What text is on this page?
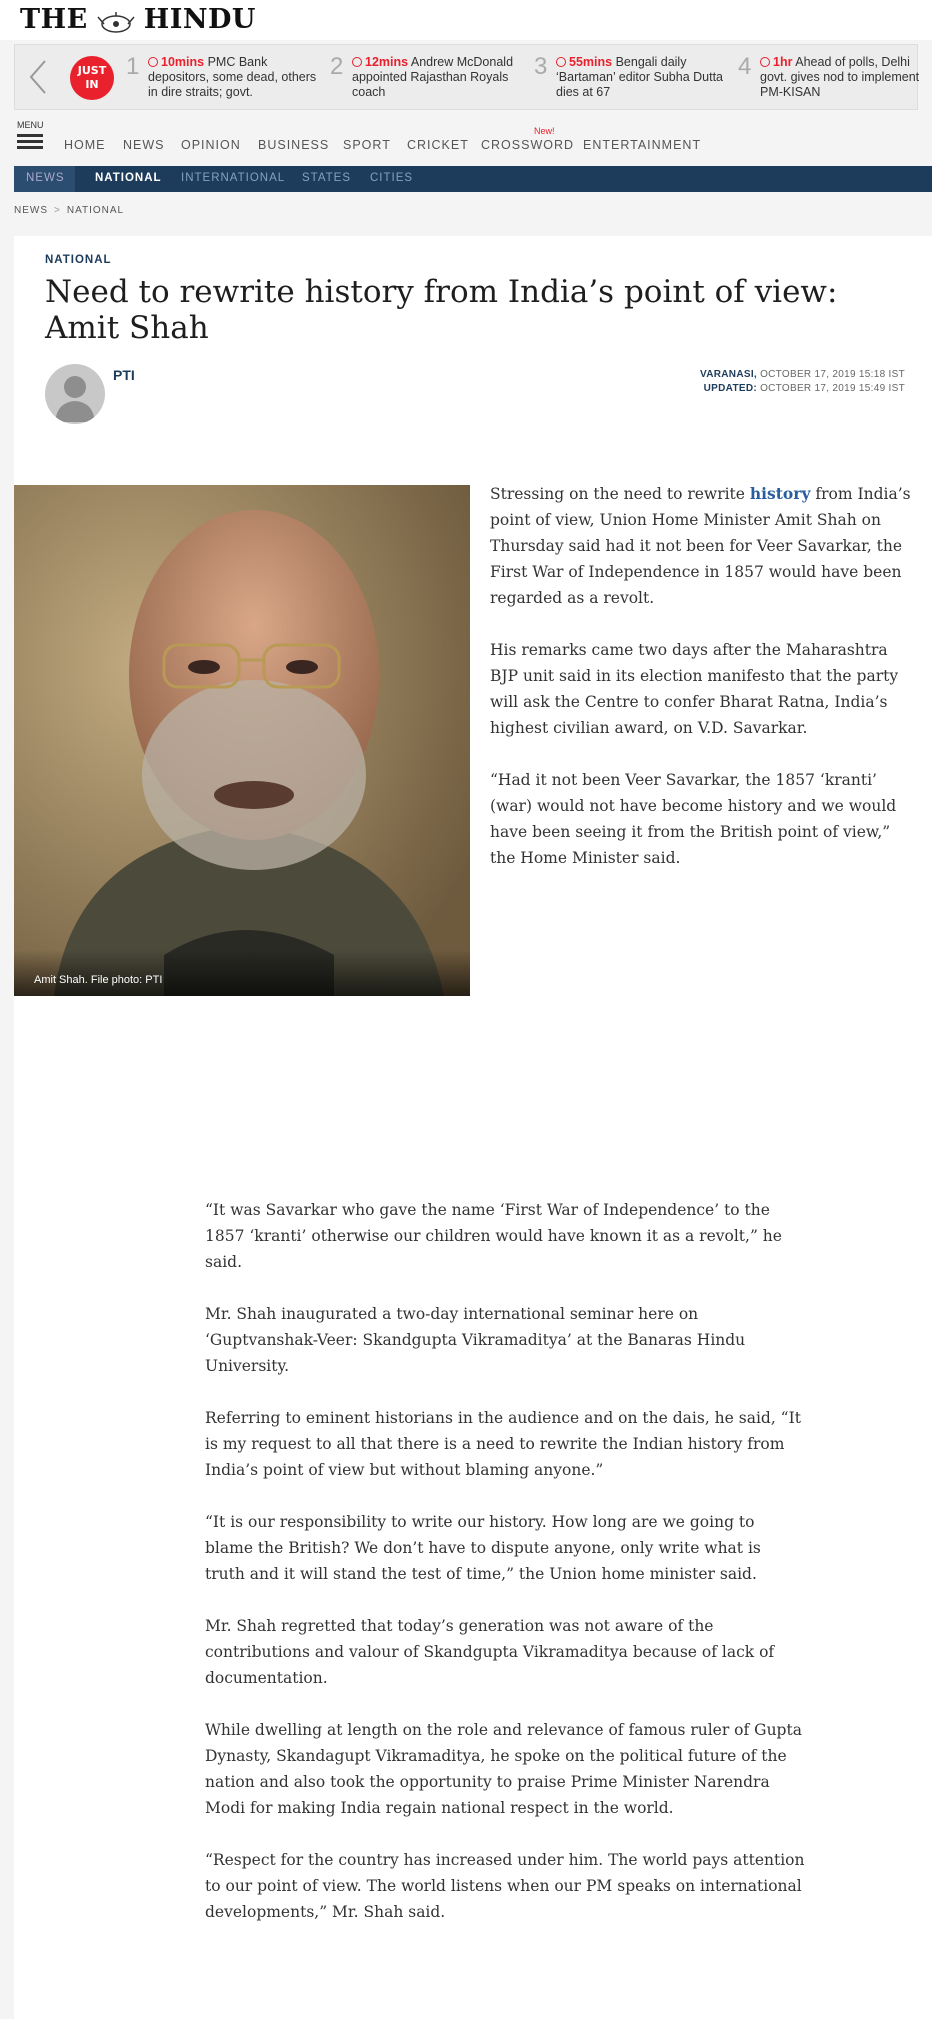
THE HINDU
JUST IN
1	10mins PMC Bank depositors, some dead, others in dire straits; govt.
2	12mins Andrew McDonald appointed Rajasthan Royals coach
3	55mins Bengali daily ‘Bartaman’ editor Subha Dutta dies at 67
4	1hr Ahead of polls, Delhi govt. gives nod to implement PM-KISAN
MENU
HOME NEWS OPINION BUSINESS SPORT CRICKET
New!
CROSSWORD ENTERTAINMENT
NEWS	NATIONAL INTERNATIONAL STATES CITIES
NEWS > NATIONAL
NATIONAL
Need to rewrite history from India’s point of view: Amit Shah
PTI	VARANASI, OCTOBER 17, 2019 15:18 IST
UPDATED: OCTOBER 17, 2019 15:49 IST
Amit Shah. File photo: PTI

Stressing on the need to rewrite history from India’s point of view, Union Home Minister Amit Shah on Thursday said had it not been for Veer Savarkar, the First War of Independence in 1857 would have been regarded as a revolt.

His remarks came two days after the Maharashtra BJP unit said in its election manifesto that the party will ask the Centre to confer Bharat Ratna, India’s highest civilian award, on V.D. Savarkar.

“Had it not been Veer Savarkar, the 1857 ‘kranti’ (war) would not have become history and we would have been seeing it from the British point of view,” the Home Minister said.

“It was Savarkar who gave the name ‘First War of Independence’ to the 1857 ‘kranti’ otherwise our children would have known it as a revolt,” he said.

Mr. Shah inaugurated a two-day international seminar here on ‘Guptvanshak-Veer: Skandgupta Vikramaditya’ at the Banaras Hindu University.

Referring to eminent historians in the audience and on the dais, he said, “It is my request to all that there is a need to rewrite the Indian history from India’s point of view but without blaming anyone.”

“It is our responsibility to write our history. How long are we going to blame the British? We don’t have to dispute anyone, only write what is truth and it will stand the test of time,” the Union home minister said.

Mr. Shah regretted that today’s generation was not aware of the contributions and valour of Skandgupta Vikramaditya because of lack of documentation.

While dwelling at length on the role and relevance of famous ruler of Gupta Dynasty, Skandagupt Vikramaditya, he spoke on the political future of the nation and also took the opportunity to praise Prime Minister Narendra Modi for making India regain national respect in the world.

“Respect for the country has increased under him. The world pays attention to our point of view. The world listens when our PM speaks on international developments,” Mr. Shah said.
